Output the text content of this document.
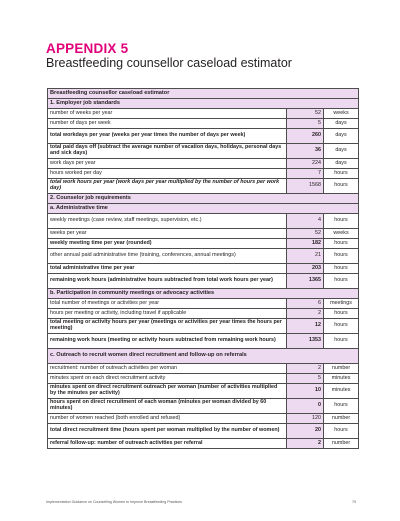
APPENDIX 5
Breastfeeding counsellor caseload estimator
Breastfeeding counsellor caseload estimator		
1. Employer job standards		
number of weeks per year	52	weeks
number of days per week	5	days
total workdays per year (weeks per year times the number of days per week)	260	days
total paid days off (subtract the average number of vacation days, holidays, personal days and sick days)	36	days
work days per year	224	days
hours worked per day	7	hours
total work hours per year (work days per year multiplied by the number of hours per work day)	1568	hours
2. Counselor job requirements		
a. Administrative time		
weekly meetings (case review, staff meetings, supervision, etc.)	4	hours
weeks per year	52	weeks
weekly meeting time per year (rounded)	182	hours
other annual paid administrative time (training, conferences, annual meetings)	21	hours
total administrative time per year	203	hours
remaining work hours (administrative hours subtracted from total work hours per year)	1365	hours
b. Participation in community meetings or advocacy activities		
total number of meetings or activities per year	6	meetings
hours per meeting or activity, including travel if applicable	2	hours
total meeting or activity hours per year (meetings or activities per year times the hours per meeting)	12	hours
remaining work hours (meeting or activity hours subtracted from remaining work hours)	1353	hours
c. Outreach to recruit women direct recruitment and follow-up on referrals		
recruitment: number of outreach activities per woman	2	number
minutes spent on each direct recruitment activity	5	minutes
minutes spent on direct recruitment outreach per woman (number of activities multiplied by the minutes per activity)	10	minutes
hours spent on direct recruitment of each woman (minutes per woman divided by 60 minutes)	0	hours
number of women reached (both enrolled and refused)	120	number
total direct recruitment time (hours spent per woman multiplied by the number of women)	20	hours
referral follow-up: number of outreach activities per referral	2	number
Implementation Guidance on Counselling Women to Improve Breastfeeding Practices	79
